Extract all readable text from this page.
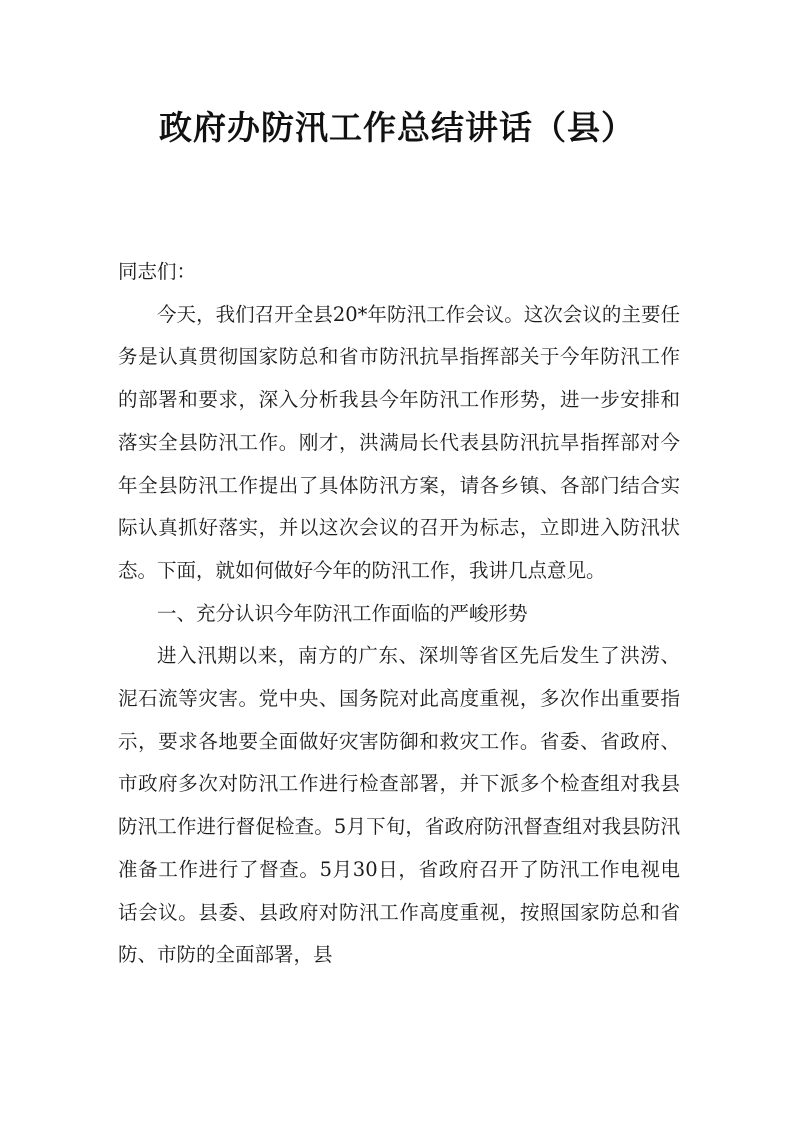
政府办防汛工作总结讲话（县）

同志们：

今天，我们召开全县20*年防汛工作会议。这次会议的主要任务是认真贯彻国家防总和省市防汛抗旱指挥部关于今年防汛工作的部署和要求，深入分析我县今年防汛工作形势，进一步安排和落实全县防汛工作。刚才，洪满局长代表县防汛抗旱指挥部对今年全县防汛工作提出了具体防汛方案，请各乡镇、各部门结合实际认真抓好落实，并以这次会议的召开为标志，立即进入防汛状态。下面，就如何做好今年的防汛工作，我讲几点意见。

一、充分认识今年防汛工作面临的严峻形势

进入汛期以来，南方的广东、深圳等省区先后发生了洪涝、泥石流等灾害。党中央、国务院对此高度重视，多次作出重要指示，要求各地要全面做好灾害防御和救灾工作。省委、省政府、市政府多次对防汛工作进行检查部署，并下派多个检查组对我县防汛工作进行督促检查。5月下旬，省政府防汛督查组对我县防汛准备工作进行了督查。5月30日，省政府召开了防汛工作电视电话会议。县委、县政府对防汛工作高度重视，按照国家防总和省防、市防的全面部署，县
